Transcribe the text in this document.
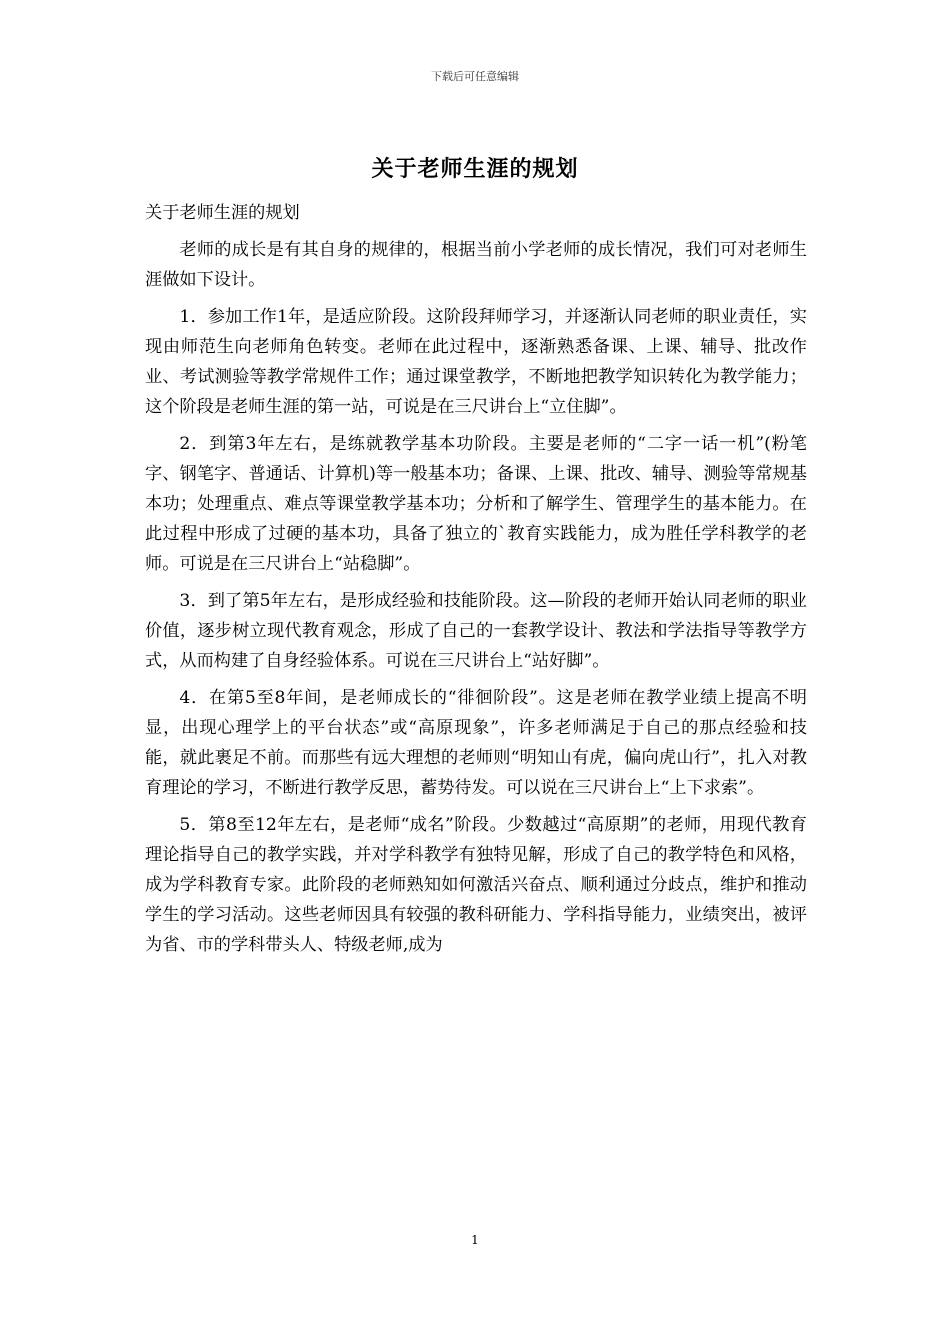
下载后可任意编辑
关于老师生涯的规划

关于老师生涯的规划

老师的成长是有其自身的规律的，根据当前小学老师的成长情况，我们可对老师生涯做如下设计。

1．参加工作1年，是适应阶段。这阶段拜师学习，并逐渐认同老师的职业责任，实现由师范生向老师角色转变。老师在此过程中，逐渐熟悉备课、上课、辅导、批改作业、考试测验等教学常规件工作；通过课堂教学，不断地把教学知识转化为教学能力；这个阶段是老师生涯的第一站，可说是在三尺讲台上“立住脚”。

2．到第3年左右，是练就教学基本功阶段。主要是老师的“二字一话一机”(粉笔字、钢笔字、普通话、计算机)等一般基本功；备课、上课、批改、辅导、测验等常规基本功；处理重点、难点等课堂教学基本功；分析和了解学生、管理学生的基本能力。在此过程中形成了过硬的基本功，具备了独立的`教育实践能力，成为胜任学科教学的老师。可说是在三尺讲台上“站稳脚”。

3．到了第5年左右，是形成经验和技能阶段。这—阶段的老师开始认同老师的职业价值，逐步树立现代教育观念，形成了自己的一套教学设计、教法和学法指导等教学方式，从而构建了自身经验体系。可说在三尺讲台上“站好脚”。

4．在第5至8年间，是老师成长的“徘徊阶段”。这是老师在教学业绩上提高不明显，出现心理学上的平台状态”或“高原现象”，许多老师满足于自己的那点经验和技能，就此裹足不前。而那些有远大理想的老师则“明知山有虎，偏向虎山行”，扎入对教育理论的学习，不断进行教学反思，蓄势待发。可以说在三尺讲台上“上下求索”。

5．第8至12年左右，是老师“成名”阶段。少数越过“高原期”的老师，用现代教育理论指导自己的教学实践，并对学科教学有独特见解，形成了自己的教学特色和风格，成为学科教育专家。此阶段的老师熟知如何激活兴奋点、顺利通过分歧点，维护和推动学生的学习活动。这些老师因具有较强的教科研能力、学科指导能力，业绩突出，被评为省、市的学科带头人、特级老师,成为

1
